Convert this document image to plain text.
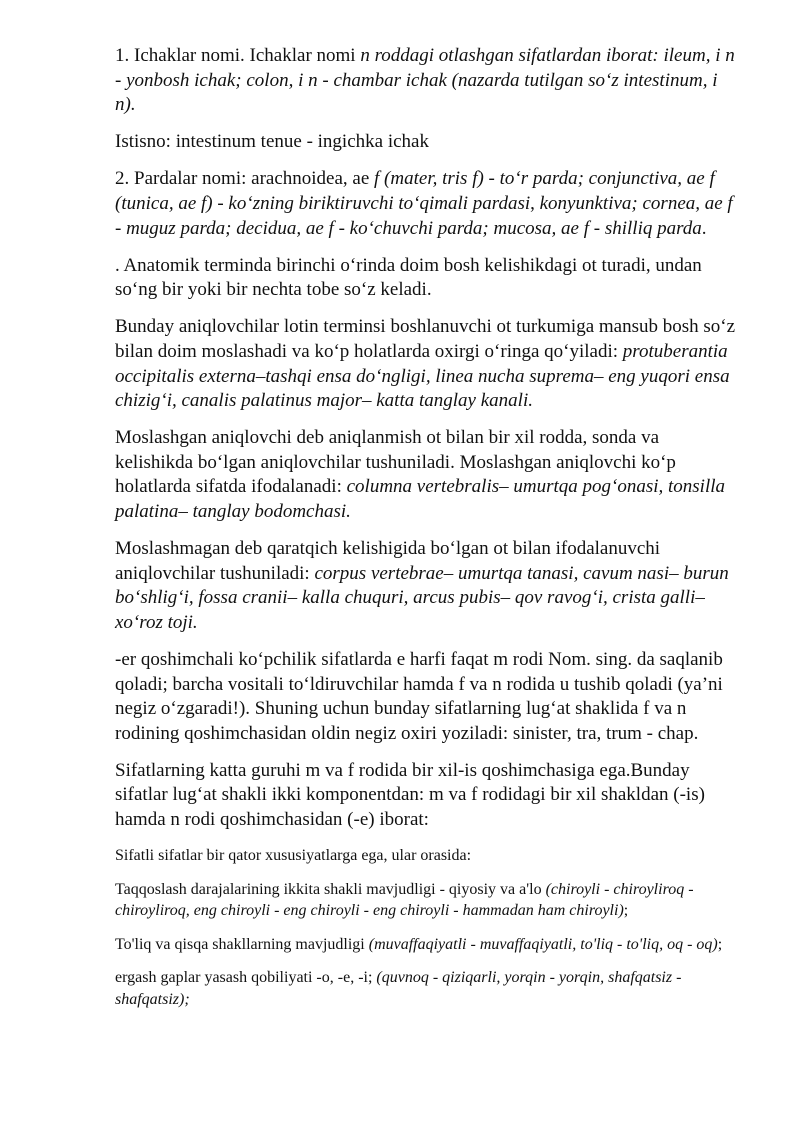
1. Ichaklar nomi. Ichaklar nomi n roddagi otlashgan sifatlardan iborat: ileum, i n - yonbosh ichak; colon, i n - chambar ichak (nazarda tutilgan so‘z intestinum, i n).

Istisno: intestinum tenue - ingichka ichak

2. Pardalar nomi: arachnoidea, ae f (mater, tris f) - to‘r parda; conjunctiva, ae f (tunica, ae f) - ko‘zning biriktiruvchi to‘qimali pardasi, konyunktiva; cornea, ae f - muguz parda; decidua, ae f - ko‘chuvchi parda; mucosa, ae f - shilliq parda.

. Anatomik terminda birinchi o‘rinda doim bosh kelishikdagi ot turadi, undan so‘ng bir yoki bir nechta tobe so‘z keladi.

Bunday aniqlovchilar lotin terminsi boshlanuvchi ot turkumiga mansub bosh so‘z bilan doim moslashadi va ko‘p holatlarda oxirgi o‘ringa qo‘yiladi: protuberantia occipitalis externa–tashqi ensa do‘ngligi, linea nucha suprema– eng yuqori ensa chizig‘i, canalis palatinus major– katta tanglay kanali.

Moslashgan aniqlovchi deb aniqlanmish ot bilan bir xil rodda, sonda va kelishikda bo‘lgan aniqlovchilar tushuniladi. Moslashgan aniqlovchi ko‘p holatlarda sifatda ifodalanadi: columna vertebralis– umurtqa pog‘onasi, tonsilla palatina– tanglay bodomchasi.

Moslashmagan deb qaratqich kelishigida bo‘lgan ot bilan ifodalanuvchi aniqlovchilar tushuniladi: corpus vertebrae– umurtqa tanasi, cavum nasi– burun bo‘shlig‘i, fossa cranii– kalla chuquri, arcus pubis– qov ravog‘i, crista galli– xo‘roz toji.

-er qoshimchali ko‘pchilik sifatlarda e harfi faqat m rodi Nom. sing. da saqlanib qoladi; barcha vositali to‘ldiruvchilar hamda f va n rodida u tushib qoladi (ya’ni negiz o‘zgaradi!). Shuning uchun bunday sifatlarning lug‘at shaklida f va n rodining qoshimchasidan oldin negiz oxiri yoziladi: sinister, tra, trum - chap.

Sifatlarning katta guruhi m va f rodida bir xil-is qoshimchasiga ega.Bunday sifatlar lug‘at shakli ikki komponentdan: m va f rodidagi bir xil shakldan (-is) hamda n rodi qoshimchasidan (-e) iborat:

Sifatli sifatlar bir qator xususiyatlarga ega, ular orasida:

Taqqoslash darajalarining ikkita shakli mavjudligi - qiyosiy va a'lo (chiroyli - chiroyliroq - chiroyliroq, eng chiroyli - eng chiroyli - eng chiroyli - hammadan ham chiroyli);

To'liq va qisqa shakllarning mavjudligi (muvaffaqiyatli - muvaffaqiyatli, to'liq - to'liq, oq - oq);

ergash gaplar yasash qobiliyati -o, -e, -i; (quvnoq - qiziqarli, yorqin - yorqin, shafqatsiz - shafqatsiz);
